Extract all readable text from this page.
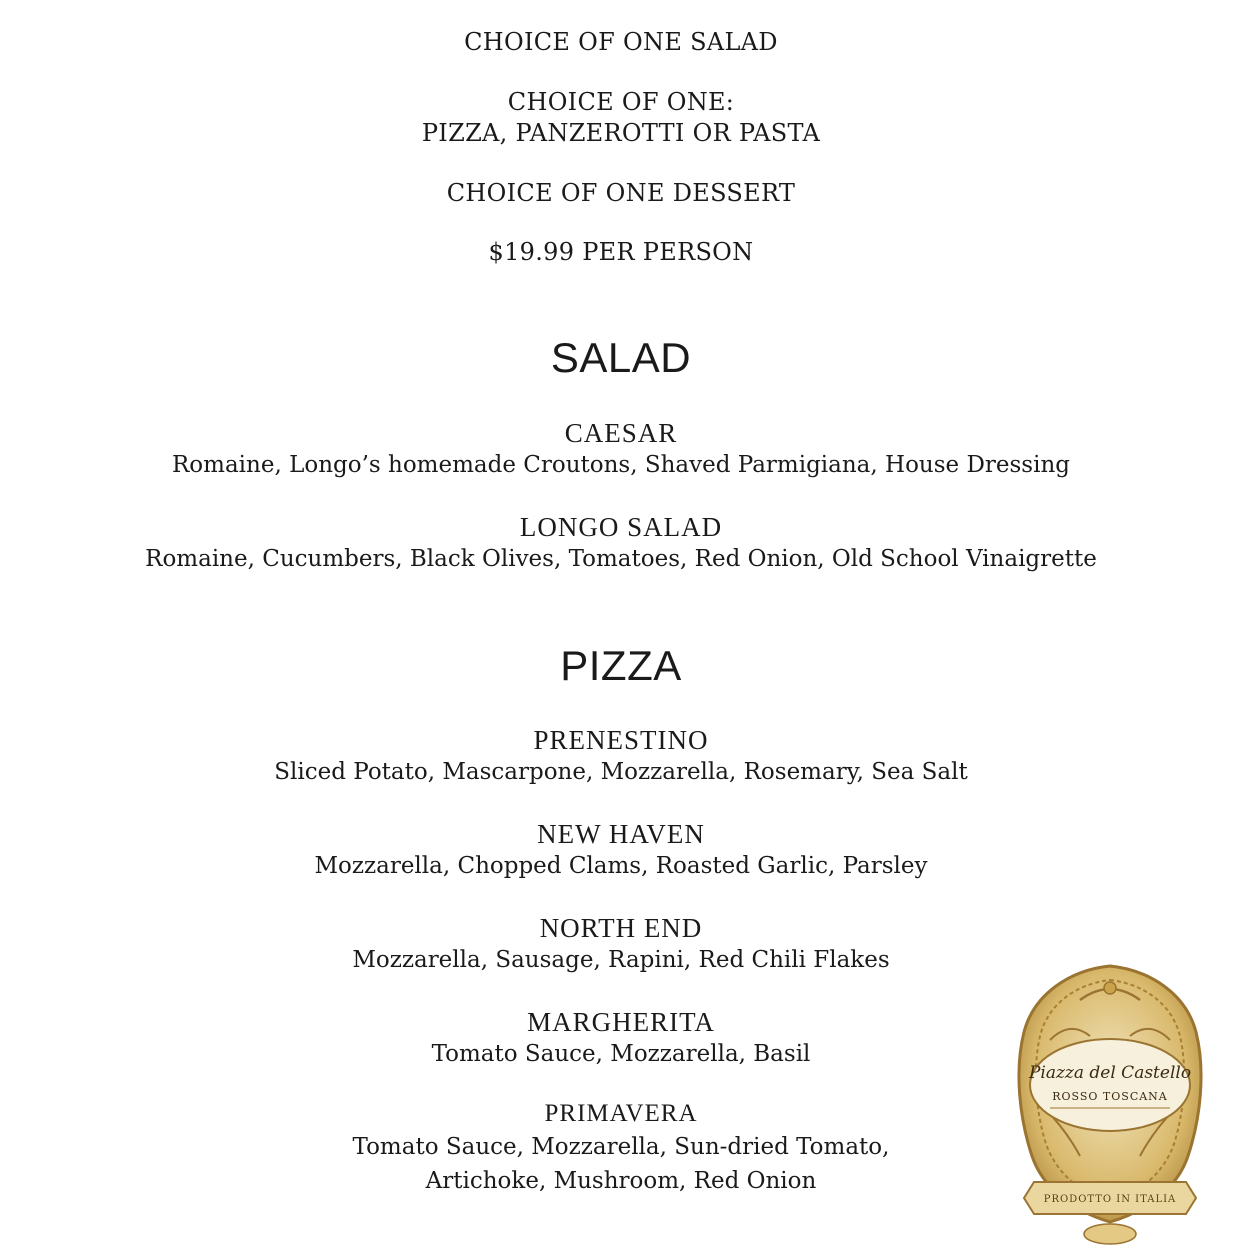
CHOICE OF ONE SALAD
CHOICE OF ONE:
PIZZA, PANZEROTTI OR PASTA
CHOICE OF ONE DESSERT
$19.99 PER PERSON
SALAD
CAESAR
Romaine, Longo’s homemade Croutons, Shaved Parmigiana, House Dressing
LONGO SALAD
Romaine, Cucumbers, Black Olives, Tomatoes, Red Onion, Old School Vinaigrette
PIZZA
PRENESTINO
Sliced Potato, Mascarpone, Mozzarella, Rosemary, Sea Salt
NEW HAVEN
Mozzarella, Chopped Clams, Roasted Garlic, Parsley
NORTH END
Mozzarella, Sausage, Rapini, Red Chili Flakes
MARGHERITA
Tomato Sauce, Mozzarella, Basil
PRIMAVERA
Tomato Sauce, Mozzarella, Sun-dried Tomato,
Artichoke, Mushroom, Red Onion
Piazza del Castello
ROSSO TOSCANA
PRODOTTO IN ITALIA
